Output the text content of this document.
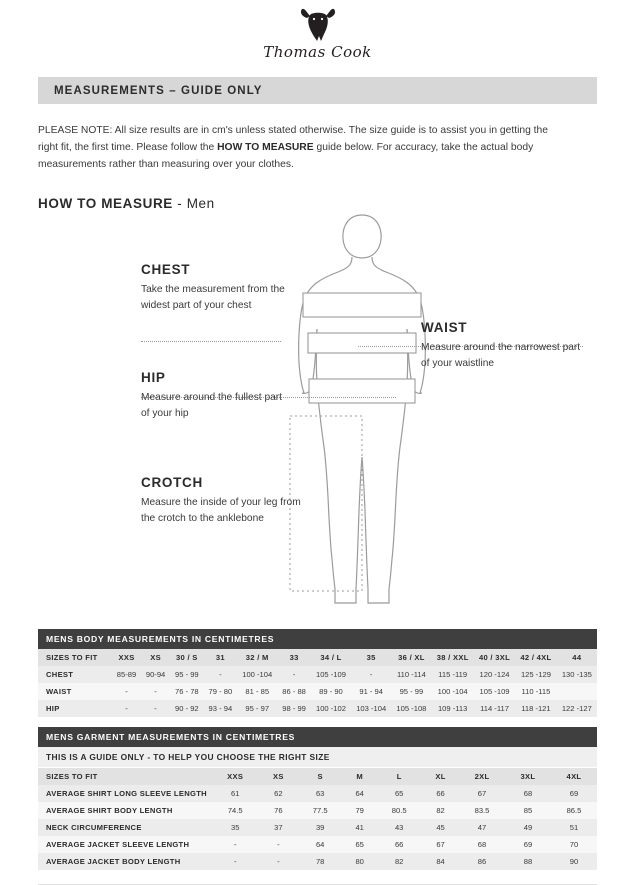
Thomas Cook
MEASUREMENTS – GUIDE ONLY
PLEASE NOTE: All size results are in cm's unless stated otherwise. The size guide is to assist you in getting the right fit, the first time. Please follow the HOW TO MEASURE guide below. For accuracy, take the actual body measurements rather than measuring over your clothes.
HOW TO MEASURE - Men
CHEST
Take the measurement from the widest part of your chest
WAIST
Measure around the narrowest part of your waistline
HIP
Measure around the fullest part of your hip
CROTCH
Measure the inside of your leg from the crotch to the anklebone
MENS BODY MEASUREMENTS IN CENTIMETRES
SIZES TO FIT	XXS	XS	30 / S	31	32 / M	33	34 / L	35	36 / XL	38 / XXL	40 / 3XL	42 / 4XL	44
CHEST	85-89	90-94	95 - 99	-	100 -104	-	105 -109	-	110 -114	115 -119	120 -124	125 -129	130 -135
WAIST	-	-	76 - 78	79 - 80	81 - 85	86 - 88	89 - 90	91 - 94	95 - 99	100 -104	105 -109	110 -115	
HIP	-	-	90 - 92	93 - 94	95 - 97	98 - 99	100 -102	103 -104	105 -108	109 -113	114 -117	118 -121	122 -127
MENS GARMENT MEASUREMENTS IN CENTIMETRES
THIS IS A GUIDE ONLY - TO HELP YOU CHOOSE THE RIGHT SIZE
SIZES TO FIT	XXS	XS	S	M	L	XL	2XL	3XL	4XL
AVERAGE SHIRT LONG SLEEVE LENGTH	61	62	63	64	65	66	67	68	69
AVERAGE SHIRT BODY LENGTH	74.5	76	77.5	79	80.5	82	83.5	85	86.5
NECK CIRCUMFERENCE	35	37	39	41	43	45	47	49	51
AVERAGE JACKET SLEEVE LENGTH	-	-	64	65	66	67	68	69	70
AVERAGE JACKET BODY LENGTH	-	-	78	80	82	84	86	88	90
